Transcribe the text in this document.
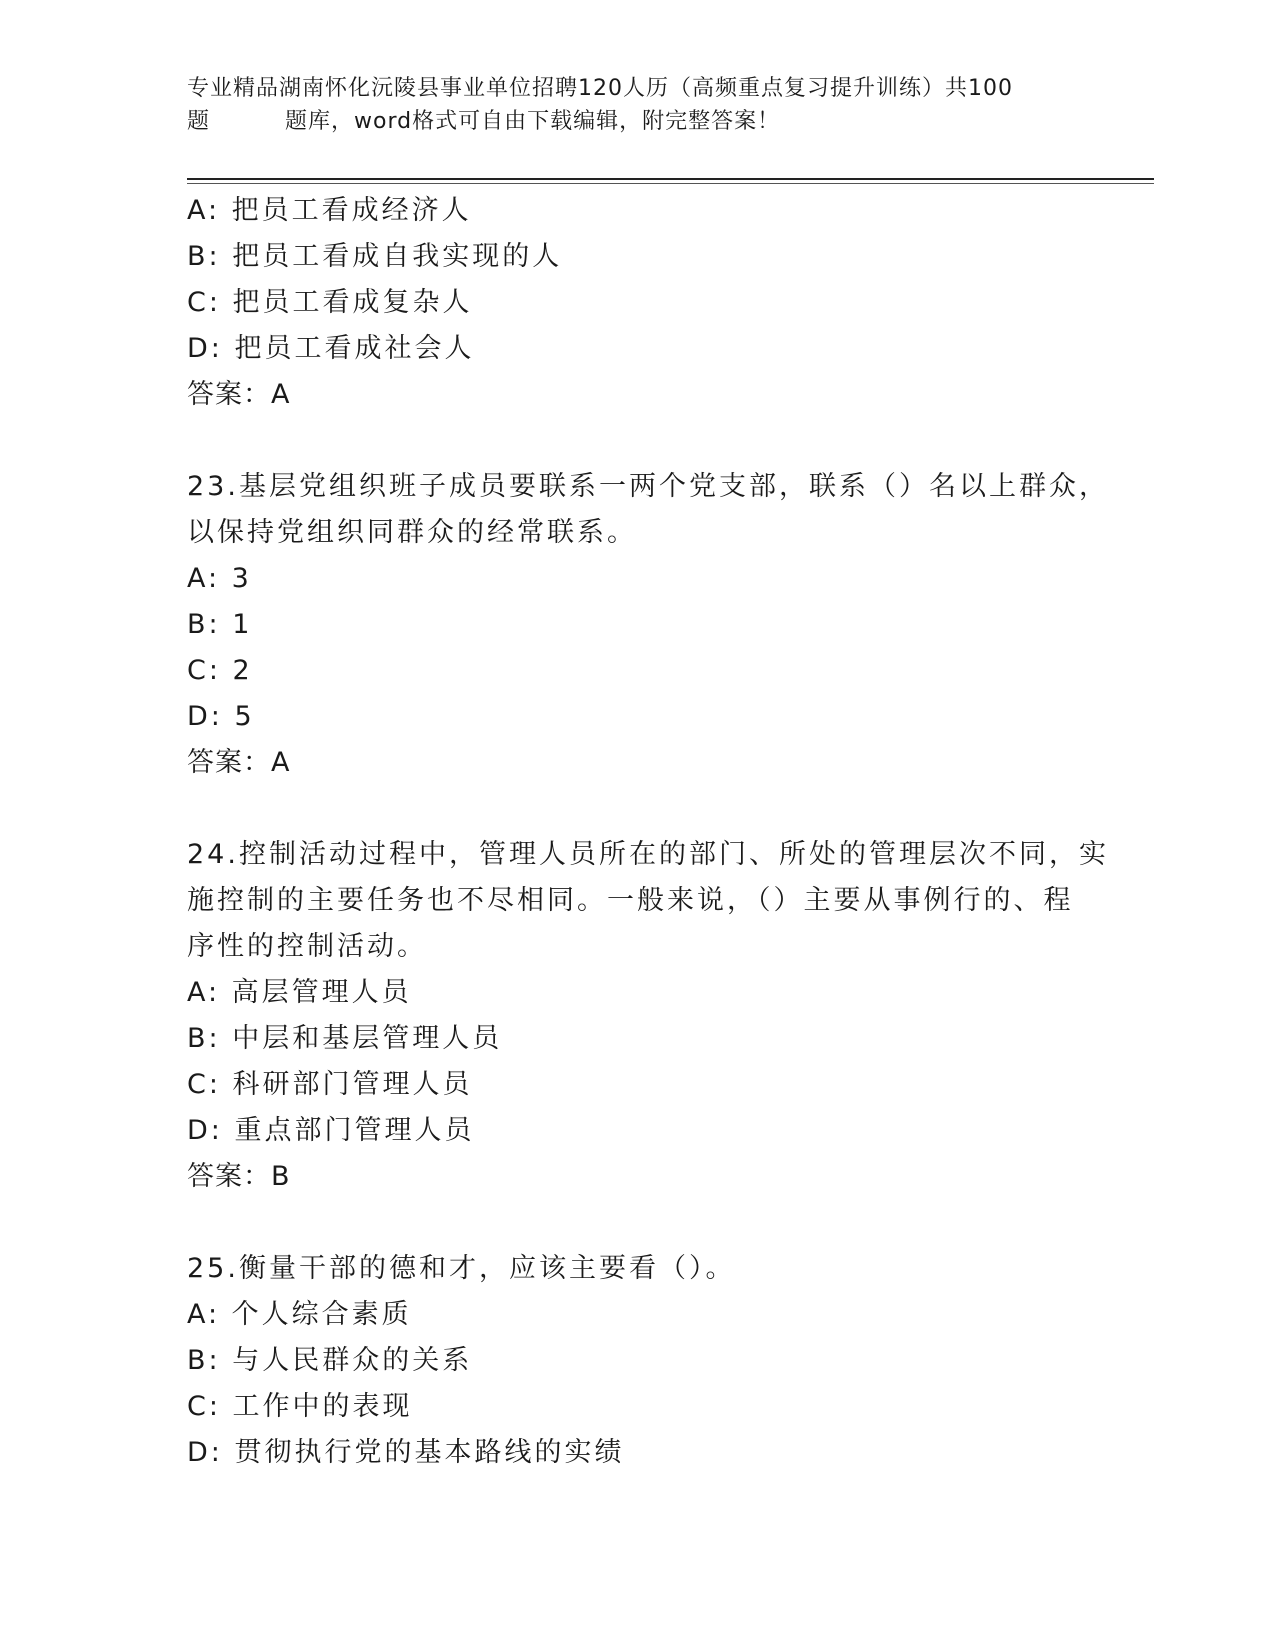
专业精品湖南怀化沅陵县事业单位招聘120人历（高频重点复习提升训练）共100
题	题库，word格式可自由下载编辑，附完整答案！
A: 把员工看成经济人
B: 把员工看成自我实现的人
C: 把员工看成复杂人
D: 把员工看成社会人
答案：A
23.基层党组织班子成员要联系一两个党支部，联系（）名以上群众，
以保持党组织同群众的经常联系。
A: 3
B: 1
C: 2
D: 5
答案：A
24.控制活动过程中，管理人员所在的部门、所处的管理层次不同，实
施控制的主要任务也不尽相同。一般来说，（）主要从事例行的、程
序性的控制活动。
A: 高层管理人员
B: 中层和基层管理人员
C: 科研部门管理人员
D: 重点部门管理人员
答案：B
25.衡量干部的德和才，应该主要看（）。
A: 个人综合素质
B: 与人民群众的关系
C: 工作中的表现
D: 贯彻执行党的基本路线的实绩
